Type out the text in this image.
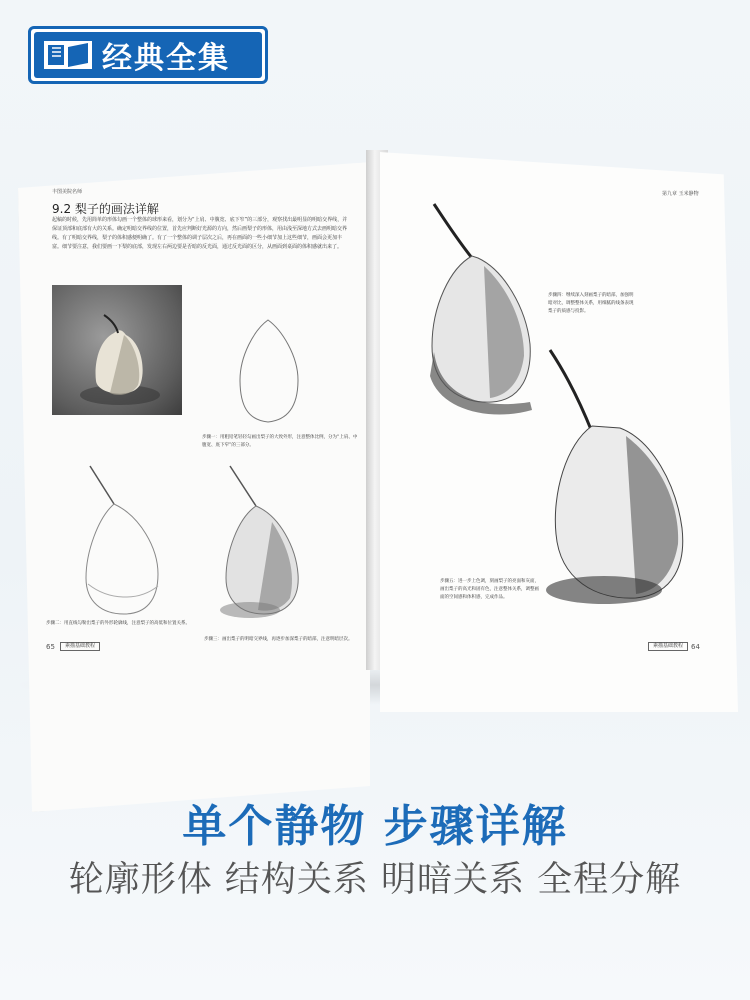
经典全集
丰图美院名师
9.2 梨子的画法详解
起稿的时候，先用简单的形体勾画一个整体的球形来看，划分为“上肩、中腹宽、底下窄”的三部分，观察找出最明显的明暗交界线，并保证顶部和底部有大的关系。确定明暗交界线的位置，首先应判断好光源的方向，然后画梨子的形体，用由浅至深地方式去画明暗交界线。有了明暗交界线，梨子的体积感便明确了。有了一个整体的调子层次之后，再在画面的一些小细节加上这些细节，画面会更加丰富。细节要注意，我们要画一下梨的底部，发现左右两边要是否暗的反光面，通过反光面的区分，从画面到桌面的体积感就出来了。
步骤一：用粗铅笔轻轻勾画出梨子的大致外形，注意整体比例，分为“上肩、中腹宽、底下窄”的三部分。
步骤二：用直线勾勒出梨子的外形轮廓线，注意梨子的高低和位置关系。
步骤三：画出梨子的明暗交界线，再逐步加深梨子的暗部，注意明暗层次。
65	素描基础教程
第九章 玉米静物
步骤四：继续深入刻画梨子的暗部，加强明暗对比，调整整体关系，用细腻的线条表现梨子的质感与投影。
步骤五：进一步上色调，刻画梨子的亮面和灰面，画出梨子的高光和固有色，注意整体关系，调整画面的空间感和体积感，完成作品。
素描基础教程	64
单个静物 步骤详解
轮廓形体 结构关系 明暗关系 全程分解
